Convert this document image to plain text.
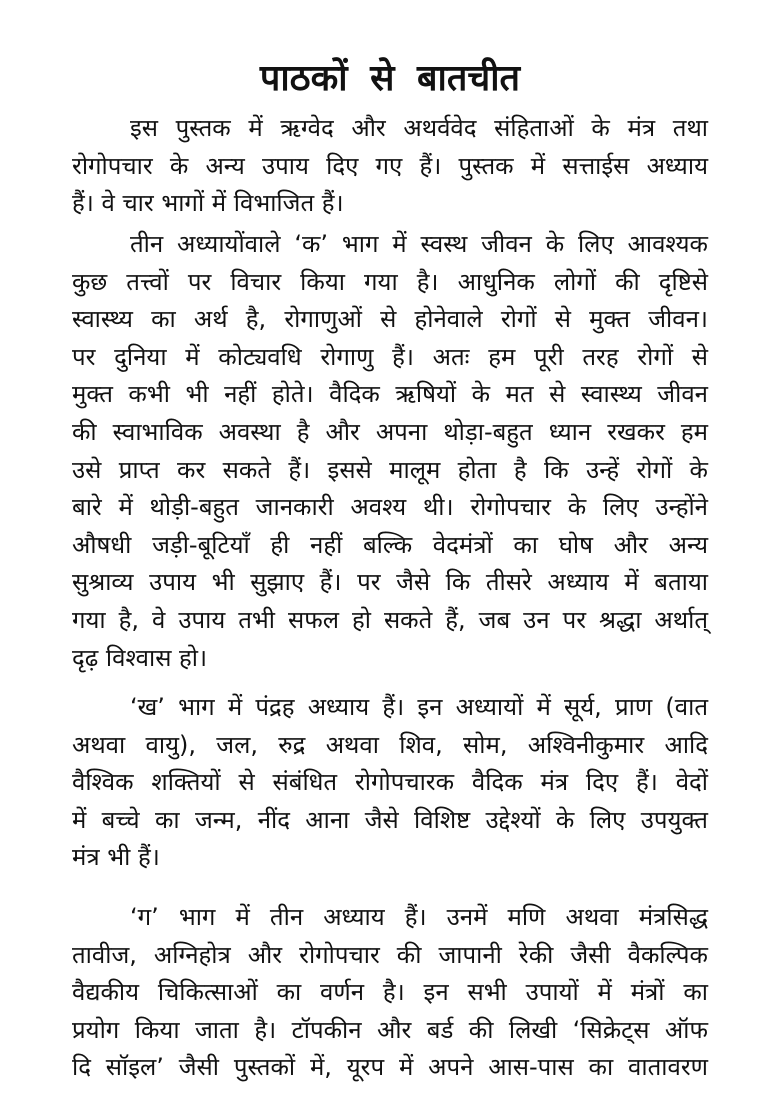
पाठकों से बातचीत
इस पुस्तक में ऋग्वेद और अथर्ववेद संहिताओं के मंत्र तथा
रोगोपचार के अन्य उपाय दिए गए हैं। पुस्तक में सत्ताईस अध्याय
हैं। वे चार भागों में विभाजित हैं।
तीन अध्यायोंवाले ‘क’ भाग में स्वस्थ जीवन के लिए आवश्यक
कुछ तत्त्वों पर विचार किया गया है। आधुनिक लोगों की दृष्टिसे
स्वास्थ्य का अर्थ है, रोगाणुओं से होनेवाले रोगों से मुक्त जीवन।
पर दुनिया में कोट्यवधि रोगाणु हैं। अतः हम पूरी तरह रोगों से
मुक्त कभी भी नहीं होते। वैदिक ऋषियों के मत से स्वास्थ्य जीवन
की स्वाभाविक अवस्था है और अपना थोड़ा-बहुत ध्यान रखकर हम
उसे प्राप्त कर सकते हैं। इससे मालूम होता है कि उन्हें रोगों के
बारे में थोड़ी-बहुत जानकारी अवश्य थी। रोगोपचार के लिए उन्होंने
औषधी जड़ी-बूटियाँ ही नहीं बल्कि वेदमंत्रों का घोष और अन्य
सुश्राव्य उपाय भी सुझाए हैं। पर जैसे कि तीसरे अध्याय में बताया
गया है, वे उपाय तभी सफल हो सकते हैं, जब उन पर श्रद्धा अर्थात्
दृढ़ विश्वास हो।
‘ख’ भाग में पंद्रह अध्याय हैं। इन अध्यायों में सूर्य, प्राण (वात
अथवा वायु), जल, रुद्र अथवा शिव, सोम, अश्विनीकुमार आदि
वैश्विक शक्तियों से संबंधित रोगोपचारक वैदिक मंत्र दिए हैं। वेदों
में बच्चे का जन्म, नींद आना जैसे विशिष्ट उद्देश्यों के लिए उपयुक्त
मंत्र भी हैं।
‘ग’ भाग में तीन अध्याय हैं। उनमें मणि अथवा मंत्रसिद्ध
तावीज, अग्निहोत्र और रोगोपचार की जापानी रेकी जैसी वैकल्पिक
वैद्यकीय चिकित्साओं का वर्णन है। इन सभी उपायों में मंत्रों का
प्रयोग किया जाता है। टॉपकीन और बर्ड की लिखी ‘सिक्रेट्स ऑफ
दि सॉइल’ जैसी पुस्तकों में, यूरप में अपने आस-पास का वातावरण
